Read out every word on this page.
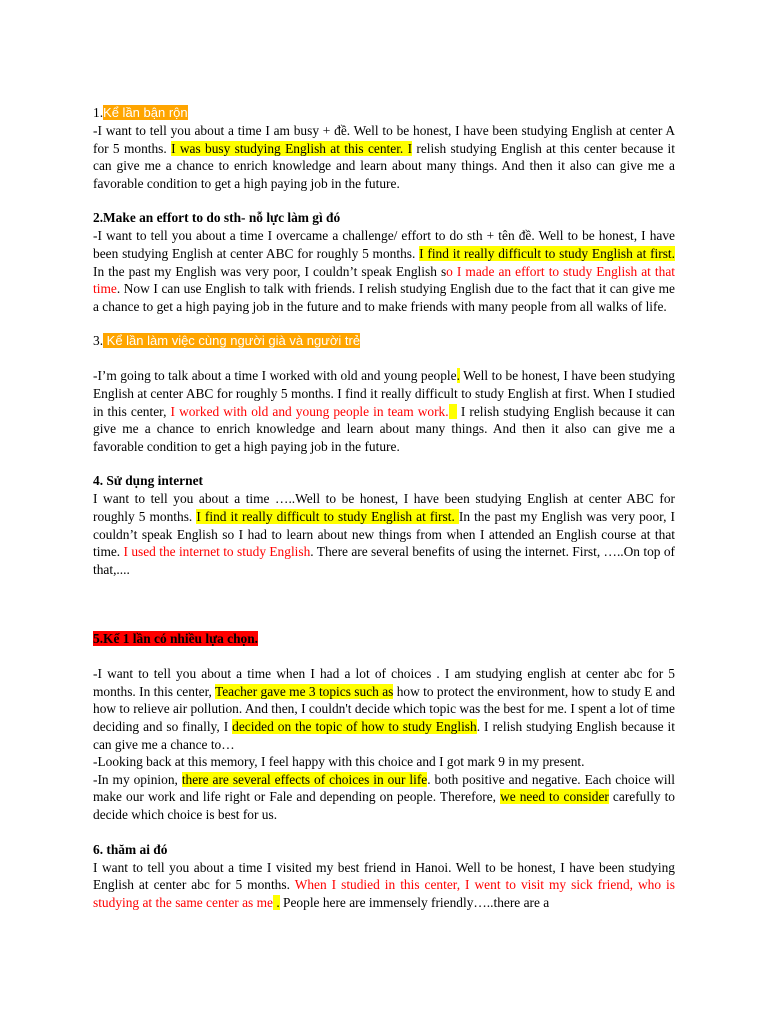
1.Kể lần bận rộn

-I want to tell you about a time I am busy + đề. Well to be honest, I have been studying English at center A for 5 months. I was busy studying English at this center. I relish studying English at this center because it can give me a chance to enrich knowledge and learn about many things. And then it also can give me a favorable condition to get a high paying job in the future.

2.Make an effort to do sth- nỗ lực làm gì đó

-I want to tell you about a time I overcame a challenge/ effort to do sth + tên đề. Well to be honest, I have been studying English at center ABC for roughly 5 months. I find it really difficult to study English at first. In the past my English was very poor, I couldn’t speak English so I made an effort to study English at that time. Now I can use English to talk with friends. I relish studying English due to the fact that it can give me a chance to get a high paying job in the future and to make friends with many people from all walks of life.

3. Kể lần làm việc cùng người già và người trẻ

-I’m going to talk about a time I worked with old and young people. Well to be honest, I have been studying English at center ABC for roughly 5 months. I find it really difficult to study English at first. When I studied in this center, I worked with old and young people in team work.   I relish studying English because it can give me a chance to enrich knowledge and learn about many things. And then it also can give me a favorable condition to get a high paying job in the future.

4. Sử dụng internet

I want to tell you about a time …..Well to be honest, I have been studying English at center ABC for roughly 5 months. I find it really difficult to study English at first. In the past my English was very poor, I couldn’t speak English so I had to learn about new things from when I attended an English course at that time. I used the internet to study English. There are several benefits of using the internet. First, …..On top of that,....

5.Kể 1 lần có nhiều lựa chọn.

-I want to tell you about a time when I had a lot of choices . I am studying english at center abc for 5 months. In this center, Teacher gave me 3 topics such as how to protect the environment, how to study E and how to relieve air pollution. And then, I couldn't decide which topic was the best for me. I spent a lot of time deciding and so finally, I decided on the topic of how to study English. I relish studying English because it can give me a chance to…

-Looking back at this memory, I feel happy with this choice and I got mark 9 in my present.

-In my opinion, there are several effects of choices in our life. both positive and negative. Each choice will make our work and life right or Fale and depending on people. Therefore, we need to consider carefully to decide which choice is best for us.

6. thăm ai đó

I want to tell you about a time I visited my best friend in Hanoi. Well to be honest, I have been studying English at center abc for 5 months. When I studied in this center, I went to visit my sick friend, who is studying at the same center as me . People here are immensely friendly…..there are a
